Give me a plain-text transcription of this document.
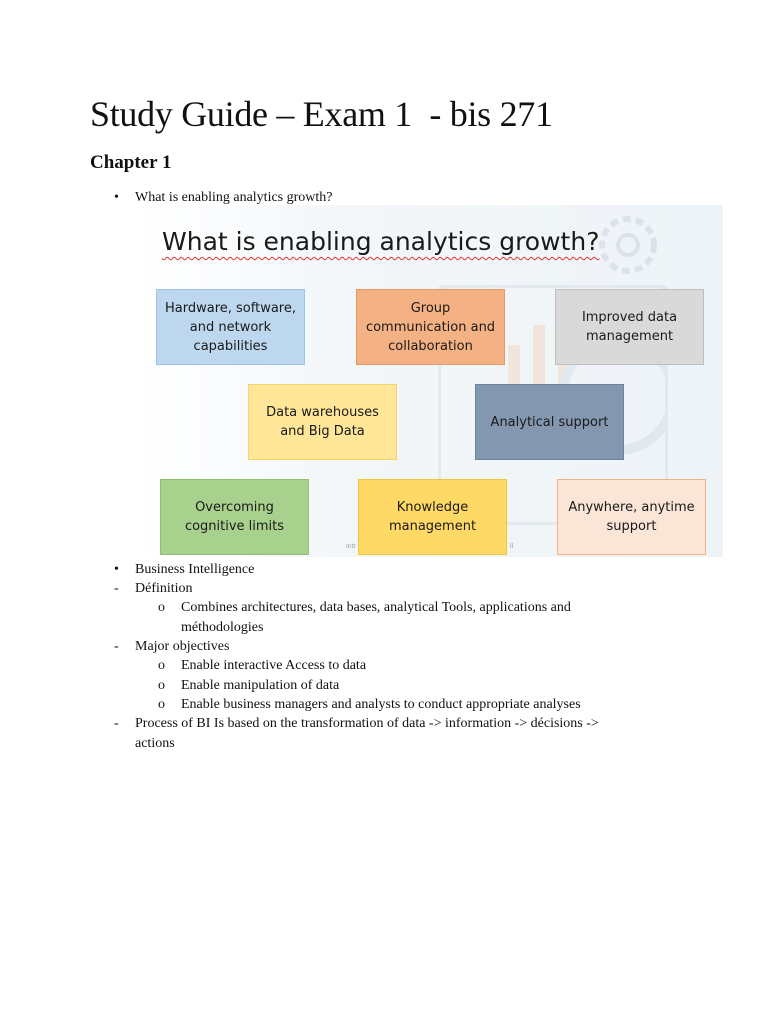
Study Guide – Exam 1  - bis 271
Chapter 1
• What is enabling analytics growth?
What is enabling analytics growth?
Hardware, software, and network capabilities
Group communication and collaboration
Improved data management
Data warehouses and Big Data
Analytical support
Overcoming cognitive limits
Knowledge management
Anywhere, anytime support
Intr	ll
• Business Intelligence
- Définition
o Combines architectures, data bases, analytical Tools, applications and
méthodologies
- Major objectives
o Enable interactive Access to data
o Enable manipulation of data
o Enable business managers and analysts to conduct appropriate analyses
- Process of BI Is based on the transformation of data -> information -> décisions ->
actions
